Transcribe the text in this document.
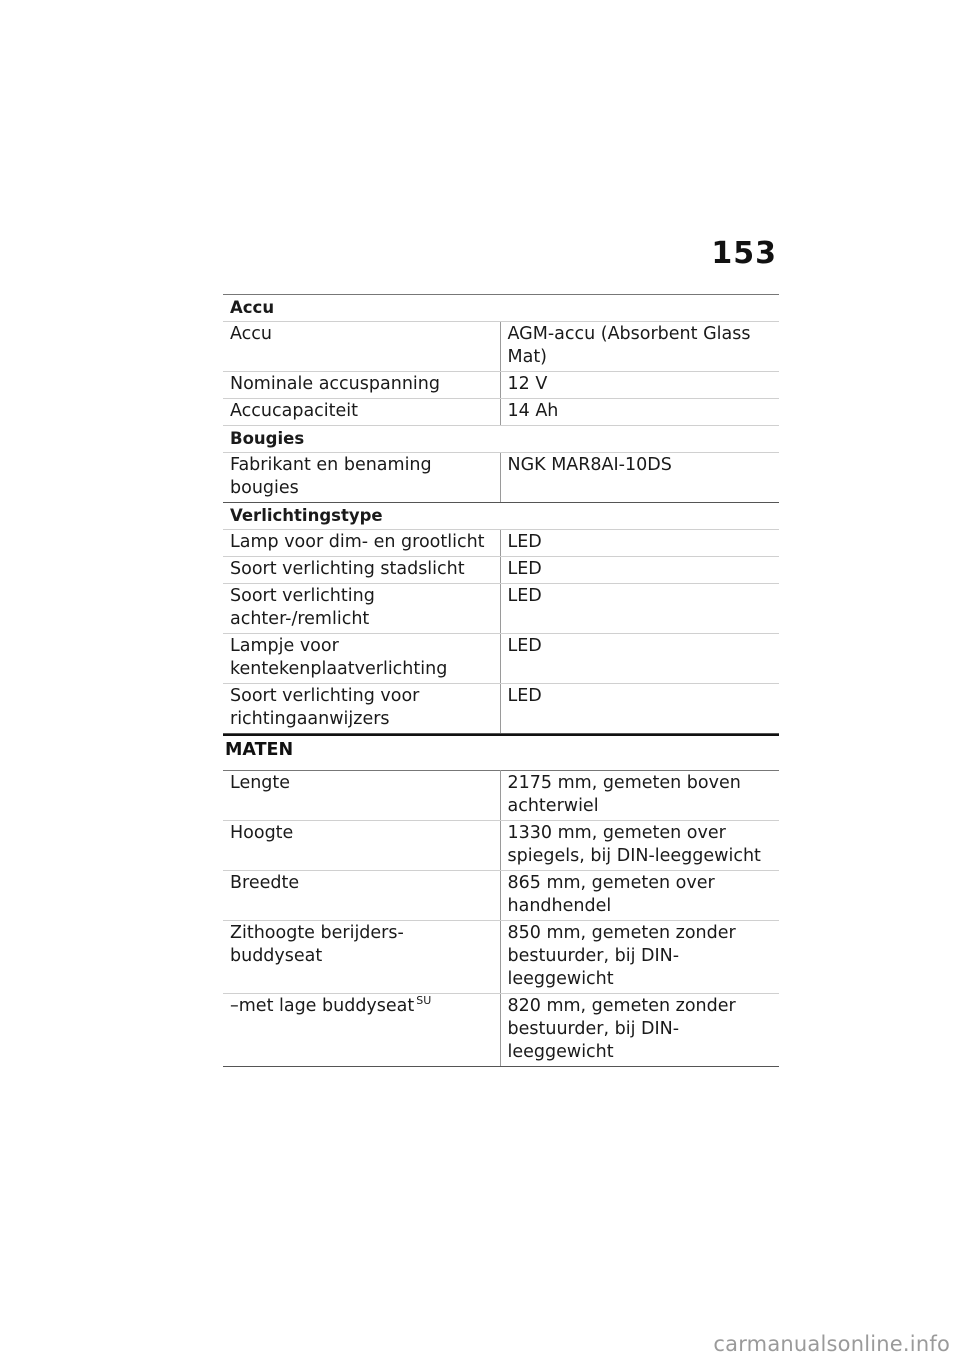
153
Accu	
Accu	AGM-accu (Absorbent Glass Mat)
Nominale accuspanning	12 V
Accucapaciteit	14 Ah
Bougies	
Fabrikant en benaming bougies	NGK MAR8AI-10DS
Verlichtingstype	
Lamp voor dim- en grootlicht	LED
Soort verlichting stadslicht	LED
Soort verlichting achter-/remlicht	LED
Lampje voor kentekenplaatverlichting	LED
Soort verlichting voor richtingaanwijzers	LED
MATEN
Lengte	2175 mm, gemeten boven achterwiel
Hoogte	1330 mm, gemeten over spiegels, bij DIN-leeggewicht
Breedte	865 mm, gemeten over handhendel
Zithoogte berijders-buddyseat	850 mm, gemeten zonder bestuurder, bij DIN-leeggewicht
–met lage buddyseat $^{SU}$	820 mm, gemeten zonder bestuurder, bij DIN-leeggewicht
carmanualsonline.info
